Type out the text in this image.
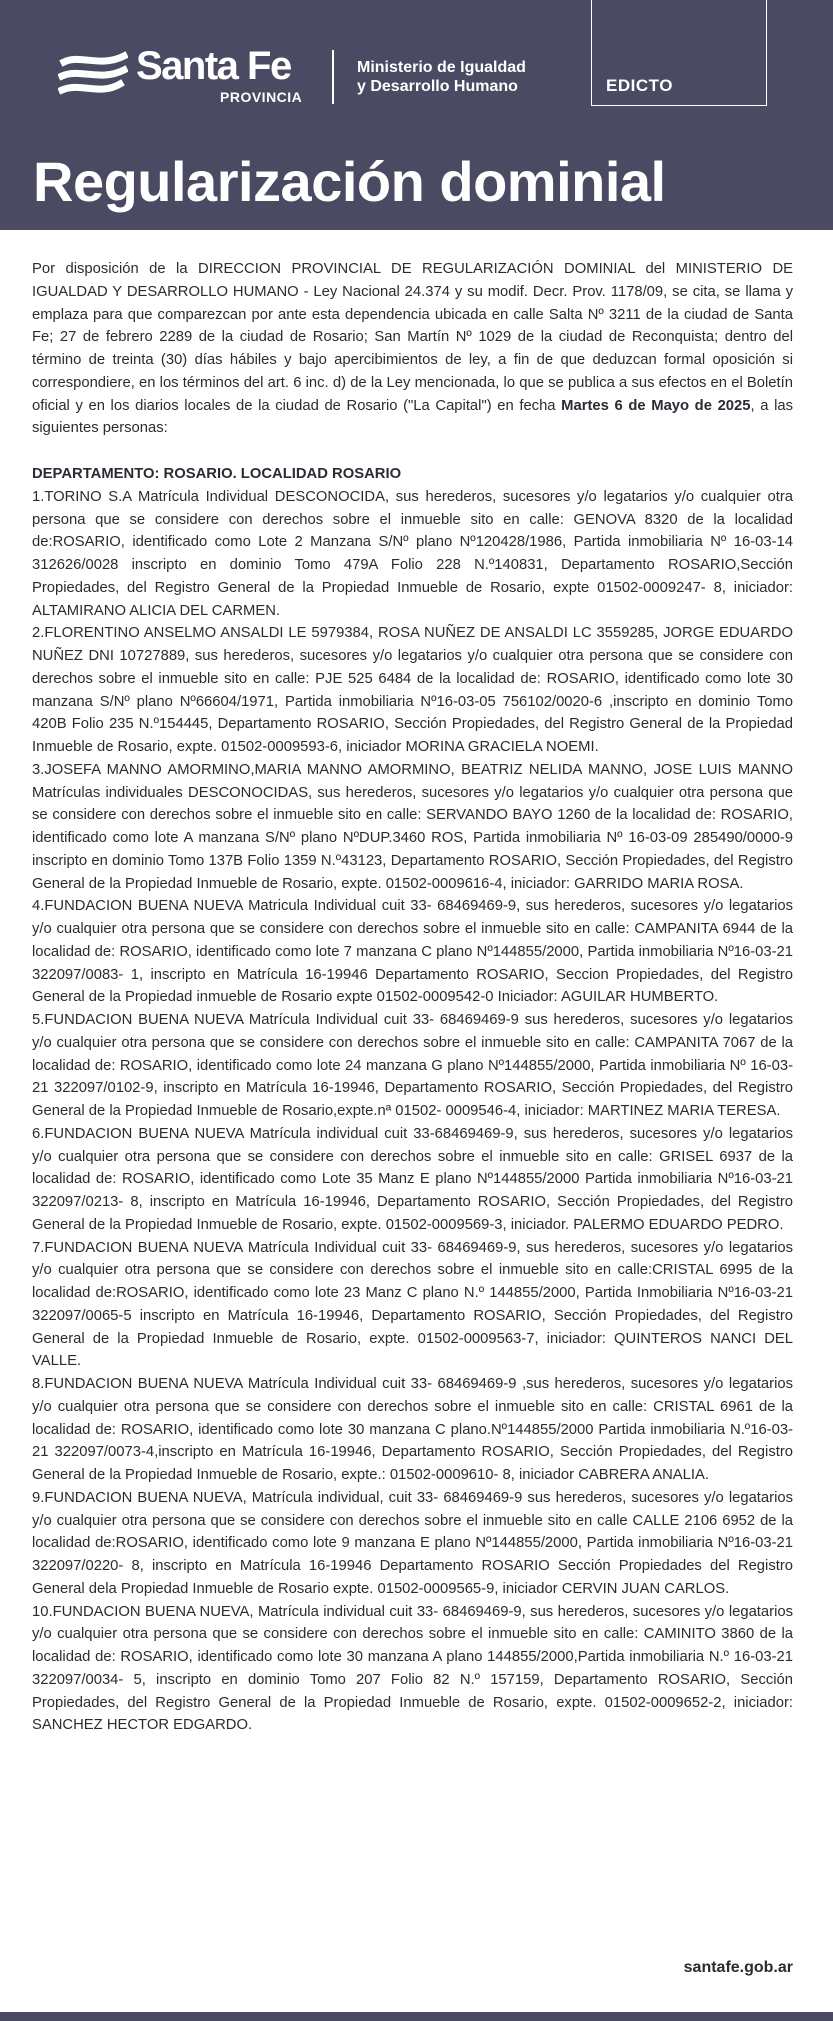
Santa Fe
PROVINCIA
Ministerio de Igualdad
y Desarrollo Humano	EDICTO
Regularización dominial

Por disposición de la DIRECCION PROVINCIAL DE REGULARIZACIÓN DOMINIAL del MINISTERIO DE IGUALDAD Y DESARROLLO HUMANO - Ley Nacional 24.374 y su modif. Decr. Prov. 1178/09, se cita, se llama y emplaza para que comparezcan por ante esta dependencia ubicada en calle Salta Nº 3211 de la ciudad de Santa Fe; 27 de febrero 2289 de la ciudad de Rosario; San Martín Nº 1029 de la ciudad de Reconquista; dentro del término de treinta (30) días hábiles y bajo apercibimientos de ley, a fin de que deduzcan formal oposición si correspondiere, en los términos del art. 6 inc. d) de la Ley mencionada, lo que se publica a sus efectos en el Boletín oficial y en los diarios locales de la ciudad de Rosario ("La Capital") en fecha Martes 6 de Mayo de 2025, a las siguientes personas:

DEPARTAMENTO: ROSARIO. LOCALIDAD ROSARIO

1.TORINO S.A Matrícula Individual DESCONOCIDA, sus herederos, sucesores y/o legatarios y/o cualquier otra persona que se considere con derechos sobre el inmueble sito en calle: GENOVA 8320 de la localidad de:ROSARIO, identificado como Lote 2 Manzana S/Nº plano Nº120428/1986, Partida inmobiliaria Nº 16-03-14 312626/0028 inscripto en dominio Tomo 479A Folio 228 N.º140831, Departamento ROSARIO,Sección Propiedades, del Registro General de la Propiedad Inmueble de Rosario, expte 01502-0009247- 8, iniciador: ALTAMIRANO ALICIA DEL CARMEN.

2.FLORENTINO ANSELMO ANSALDI LE 5979384, ROSA NUÑEZ DE ANSALDI LC 3559285, JORGE EDUARDO NUÑEZ DNI 10727889, sus herederos, sucesores y/o legatarios y/o cualquier otra persona que se considere con derechos sobre el inmueble sito en calle: PJE 525 6484 de la localidad de: ROSARIO, identificado como lote 30 manzana S/Nº plano Nº66604/1971, Partida inmobiliaria Nº16-03-05 756102/0020-6 ,inscripto en dominio Tomo 420B Folio 235 N.º154445, Departamento ROSARIO, Sección Propiedades, del Registro General de la Propiedad Inmueble de Rosario, expte. 01502-0009593-6, iniciador MORINA GRACIELA NOEMI.

3.JOSEFA MANNO AMORMINO,MARIA MANNO AMORMINO, BEATRIZ NELIDA MANNO, JOSE LUIS MANNO Matrículas individuales DESCONOCIDAS, sus herederos, sucesores y/o legatarios y/o cualquier otra persona que se considere con derechos sobre el inmueble sito en calle: SERVANDO BAYO 1260 de la localidad de: ROSARIO, identificado como lote A manzana S/Nº plano NºDUP.3460 ROS, Partida inmobiliaria Nº 16-03-09 285490/0000-9 inscripto en dominio Tomo 137B Folio 1359 N.º43123, Departamento ROSARIO, Sección Propiedades, del Registro General de la Propiedad Inmueble de Rosario, expte. 01502-0009616-4, iniciador: GARRIDO MARIA ROSA.

4.FUNDACION BUENA NUEVA Matricula Individual cuit 33- 68469469-9, sus herederos, sucesores y/o legatarios y/o cualquier otra persona que se considere con derechos sobre el inmueble sito en calle: CAMPANITA 6944 de la localidad de: ROSARIO, identificado como lote 7 manzana C plano Nº144855/2000, Partida inmobiliaria Nº16-03-21 322097/0083- 1, inscripto en Matrícula 16-19946 Departamento ROSARIO, Seccion Propiedades, del Registro General de la Propiedad inmueble de Rosario expte 01502-0009542-0 Iniciador: AGUILAR HUMBERTO.

5.FUNDACION BUENA NUEVA Matrícula Individual cuit 33- 68469469-9 sus herederos, sucesores y/o legatarios y/o cualquier otra persona que se considere con derechos sobre el inmueble sito en calle: CAMPANITA 7067 de la localidad de: ROSARIO, identificado como lote 24 manzana G plano Nº144855/2000, Partida inmobiliaria Nº 16-03-21 322097/0102-9, inscripto en Matrícula 16-19946, Departamento ROSARIO, Sección Propiedades, del Registro General de la Propiedad Inmueble de Rosario,expte.nª 01502- 0009546-4, iniciador: MARTINEZ MARIA TERESA.

6.FUNDACION BUENA NUEVA Matrícula individual cuit 33-68469469-9, sus herederos, sucesores y/o legatarios y/o cualquier otra persona que se considere con derechos sobre el inmueble sito en calle: GRISEL 6937 de la localidad de: ROSARIO, identificado como Lote 35 Manz E plano Nº144855/2000 Partida inmobiliaria Nº16-03-21 322097/0213- 8, inscripto en Matrícula 16-19946, Departamento ROSARIO, Sección Propiedades, del Registro General de la Propiedad Inmueble de Rosario, expte. 01502-0009569-3, iniciador. PALERMO EDUARDO PEDRO.

7.FUNDACION BUENA NUEVA Matrícula Individual cuit 33- 68469469-9, sus herederos, sucesores y/o legatarios y/o cualquier otra persona que se considere con derechos sobre el inmueble sito en calle:CRISTAL 6995 de la localidad de:ROSARIO, identificado como lote 23 Manz C plano N.º 144855/2000, Partida Inmobiliaria Nº16-03-21 322097/0065-5 inscripto en Matrícula 16-19946, Departamento ROSARIO, Sección Propiedades, del Registro General de la Propiedad Inmueble de Rosario, expte. 01502-0009563-7, iniciador: QUINTEROS NANCI DEL VALLE.

8.FUNDACION BUENA NUEVA Matrícula Individual cuit 33- 68469469-9 ,sus herederos, sucesores y/o legatarios y/o cualquier otra persona que se considere con derechos sobre el inmueble sito en calle: CRISTAL 6961 de la localidad de: ROSARIO, identificado como lote 30 manzana C plano.Nº144855/2000 Partida inmobiliaria N.º16-03-21 322097/0073-4,inscripto en Matrícula 16-19946, Departamento ROSARIO, Sección Propiedades, del Registro General de la Propiedad Inmueble de Rosario, expte.: 01502-0009610- 8, iniciador CABRERA ANALIA.

9.FUNDACION BUENA NUEVA, Matrícula individual, cuit 33- 68469469-9 sus herederos, sucesores y/o legatarios y/o cualquier otra persona que se considere con derechos sobre el inmueble sito en calle CALLE 2106 6952 de la localidad de:ROSARIO, identificado como lote 9 manzana E plano Nº144855/2000, Partida inmobiliaria Nº16-03-21 322097/0220- 8, inscripto en Matrícula 16-19946 Departamento ROSARIO Sección Propiedades del Registro General dela Propiedad Inmueble de Rosario expte. 01502-0009565-9, iniciador CERVIN JUAN CARLOS.

10.FUNDACION BUENA NUEVA, Matrícula individual cuit 33- 68469469-9, sus herederos, sucesores y/o legatarios y/o cualquier otra persona que se considere con derechos sobre el inmueble sito en calle: CAMINITO 3860 de la localidad de: ROSARIO, identificado como lote 30 manzana A plano 144855/2000,Partida inmobiliaria N.º 16-03-21 322097/0034- 5, inscripto en dominio Tomo 207 Folio 82 N.º 157159, Departamento ROSARIO, Sección Propiedades, del Registro General de la Propiedad Inmueble de Rosario, expte. 01502-0009652-2, iniciador: SANCHEZ HECTOR EDGARDO.

santafe.gob.ar
